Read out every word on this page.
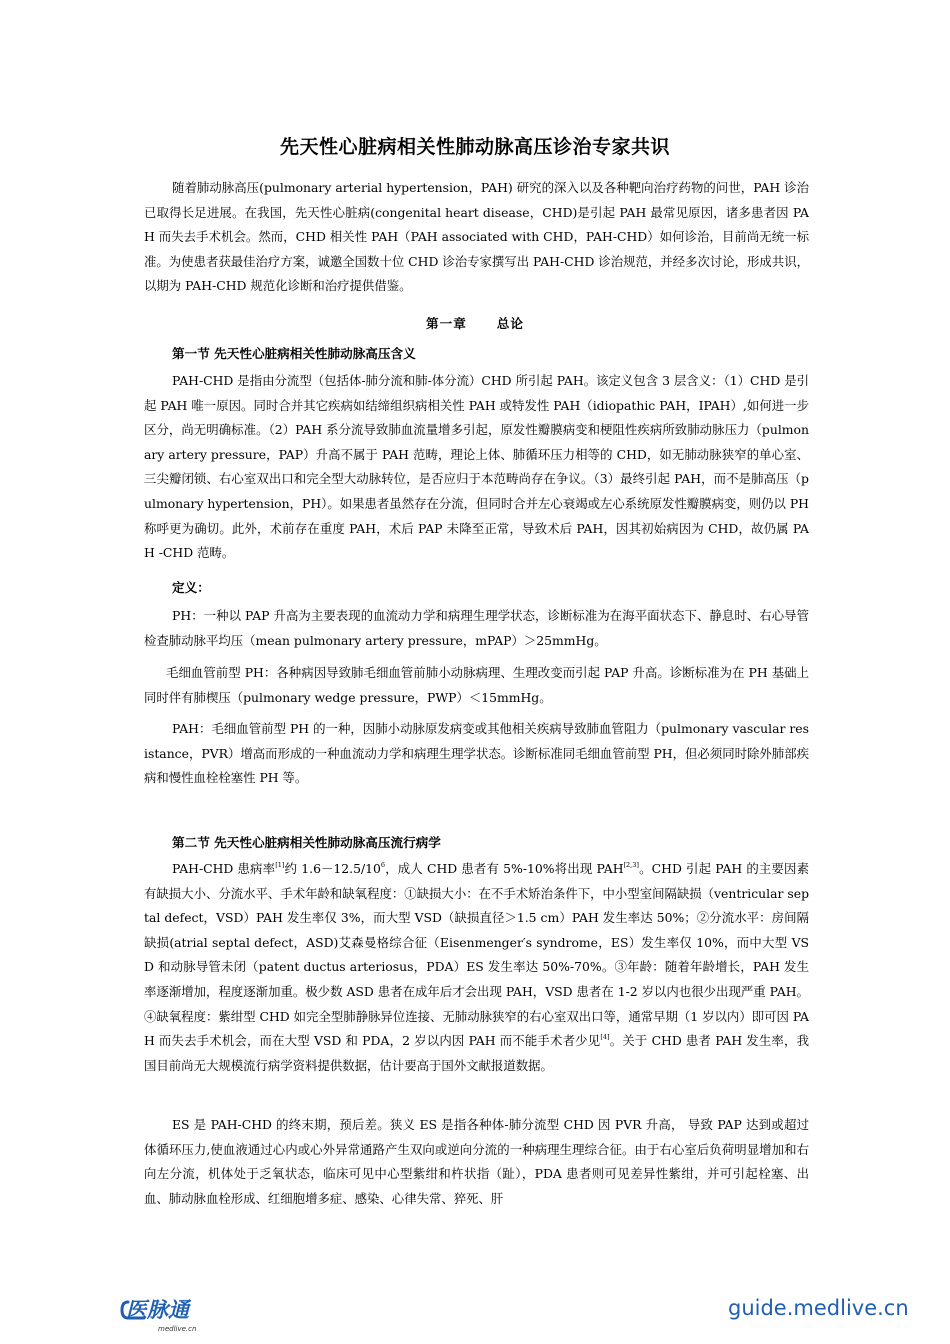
先天性心脏病相关性肺动脉高压诊治专家共识
随着肺动脉高压(pulmonary arterial hypertension，PAH) 研究的深入以及各种靶向治疗药物的问世，PAH 诊治已取得长足进展。在我国，先天性心脏病(congenital heart disease，CHD)是引起 PAH 最常见原因，诸多患者因 PAH 而失去手术机会。然而，CHD 相关性 PAH（PAH associated with CHD，PAH-CHD）如何诊治，目前尚无统一标准。为使患者获最佳治疗方案，诚邀全国数十位 CHD 诊治专家撰写出 PAH-CHD 诊治规范，并经多次讨论，形成共识，以期为 PAH-CHD 规范化诊断和治疗提供借鉴。
第一章 总论
第一节 先天性心脏病相关性肺动脉高压含义
PAH-CHD 是指由分流型（包括体-肺分流和肺-体分流）CHD 所引起 PAH。该定义包含 3 层含义：（1）CHD 是引起 PAH 唯一原因。同时合并其它疾病如结缔组织病相关性 PAH 或特发性 PAH（idiopathic PAH，IPAH）,如何进一步区分，尚无明确标准。（2）PAH 系分流导致肺血流量增多引起，原发性瓣膜病变和梗阻性疾病所致肺动脉压力（pulmonary artery pressure，PAP）升高不属于 PAH 范畴，理论上体、肺循环压力相等的 CHD，如无肺动脉狭窄的单心室、三尖瓣闭锁、右心室双出口和完全型大动脉转位，是否应归于本范畴尚存在争议。（3）最终引起 PAH，而不是肺高压（pulmonary hypertension，PH）。如果患者虽然存在分流，但同时合并左心衰竭或左心系统原发性瓣膜病变，则仍以 PH 称呼更为确切。此外，术前存在重度 PAH，术后 PAP 未降至正常，导致术后 PAH，因其初始病因为 CHD，故仍属 PAH -CHD 范畴。
定义：
PH：一种以 PAP 升高为主要表现的血流动力学和病理生理学状态，诊断标准为在海平面状态下、静息时、右心导管检查肺动脉平均压（mean pulmonary artery pressure，mPAP）＞25mmHg。
毛细血管前型 PH：各种病因导致肺毛细血管前肺小动脉病理、生理改变而引起 PAP 升高。诊断标准为在 PH 基础上同时伴有肺楔压（pulmonary wedge pressure，PWP）＜15mmHg。
PAH：毛细血管前型 PH 的一种，因肺小动脉原发病变或其他相关疾病导致肺血管阻力（pulmonary vascular resistance，PVR）增高而形成的一种血流动力学和病理生理学状态。诊断标准同毛细血管前型 PH，但必须同时除外肺部疾病和慢性血栓栓塞性 PH 等。
第二节 先天性心脏病相关性肺动脉高压流行病学
PAH-CHD 患病率[1]约 $1.6-12.5/10^6$，成人 CHD 患者有 5%-10%将出现 PAH[2,3]。CHD 引起 PAH 的主要因素有缺损大小、分流水平、手术年龄和缺氧程度：①缺损大小：在不手术矫治条件下，中小型室间隔缺损（ventricular septal defect，VSD）PAH 发生率仅 3%，而大型 VSD（缺损直径＞1.5 cm）PAH 发生率达 50%；②分流水平：房间隔缺损(atrial septal defect，ASD)艾森曼格综合征（Eisenmenger′s syndrome，ES）发生率仅 10%，而中大型 VSD 和动脉导管未闭（patent ductus arteriosus，PDA）ES 发生率达 50%-70%。③年龄：随着年龄增长，PAH 发生率逐渐增加，程度逐渐加重。极少数 ASD 患者在成年后才会出现 PAH，VSD 患者在 1-2 岁以内也很少出现严重 PAH。④缺氧程度：紫绀型 CHD 如完全型肺静脉异位连接、无肺动脉狭窄的右心室双出口等，通常早期（1 岁以内）即可因 PAH 而失去手术机会，而在大型 VSD 和 PDA，2 岁以内因 PAH 而不能手术者少见[4]。关于 CHD 患者 PAH 发生率，我国目前尚无大规模流行病学资料提供数据，估计要高于国外文献报道数据。
ES 是 PAH-CHD 的终末期，预后差。狭义 ES 是指各种体-肺分流型 CHD 因 PVR 升高， 导致 PAP 达到或超过体循环压力,使血液通过心内或心外异常通路产生双向或逆向分流的一种病理生理综合征。由于右心室后负荷明显增加和右向左分流，机体处于乏氧状态，临床可见中心型紫绀和杵状指（趾），PDA 患者则可见差异性紫绀，并可引起栓塞、出血、肺动脉血栓形成、红细胞增多症、感染、心律失常、猝死、肝
医脉通
medlive.cn
guide.medlive.cn
